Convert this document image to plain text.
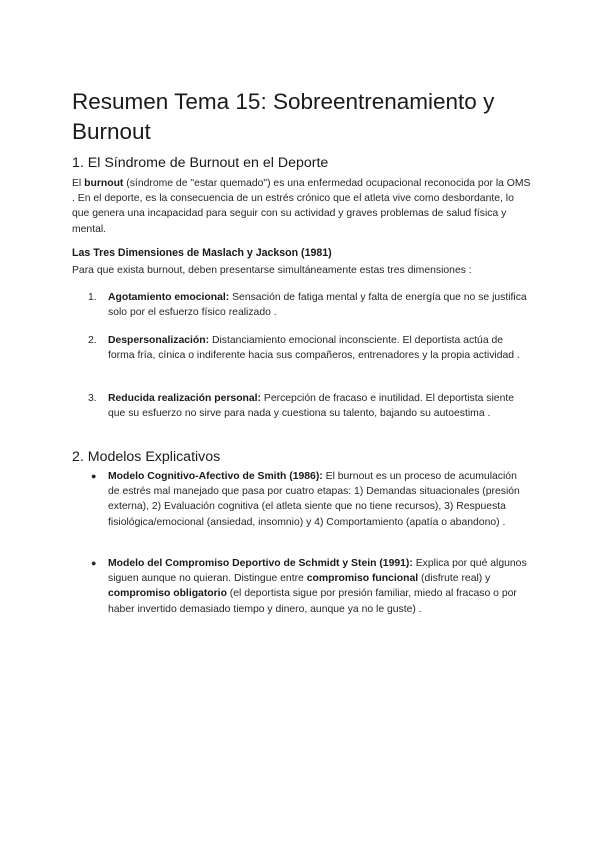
Resumen Tema 15: Sobreentrenamiento y Burnout
1. El Síndrome de Burnout en el Deporte

El burnout (síndrome de "estar quemado") es una enfermedad ocupacional reconocida por la OMS . En el deporte, es la consecuencia de un estrés crónico que el atleta vive como desbordante, lo que genera una incapacidad para seguir con su actividad y graves problemas de salud física y mental.

Las Tres Dimensiones de Maslach y Jackson (1981)

Para que exista burnout, deben presentarse simultáneamente estas tres dimensiones :

1. Agotamiento emocional: Sensación de fatiga mental y falta de energía que no se justifica solo por el esfuerzo físico realizado .

2. Despersonalización: Distanciamiento emocional inconsciente. El deportista actúa de forma fría, cínica o indiferente hacia sus compañeros, entrenadores y la propia actividad .

3. Reducida realización personal: Percepción de fracaso e inutilidad. El deportista siente que su esfuerzo no sirve para nada y cuestiona su talento, bajando su autoestima .

2. Modelos Explicativos
● Modelo Cognitivo-Afectivo de Smith (1986): El burnout es un proceso de acumulación de estrés mal manejado que pasa por cuatro etapas: 1) Demandas situacionales (presión externa), 2) Evaluación cognitiva (el atleta siente que no tiene recursos), 3) Respuesta fisiológica/emocional (ansiedad, insomnio) y 4) Comportamiento (apatía o abandono) .

● Modelo del Compromiso Deportivo de Schmidt y Stein (1991): Explica por qué algunos siguen aunque no quieran. Distingue entre compromiso funcional (disfrute real) y compromiso obligatorio (el deportista sigue por presión familiar, miedo al fracaso o por haber invertido demasiado tiempo y dinero, aunque ya no le guste) .
